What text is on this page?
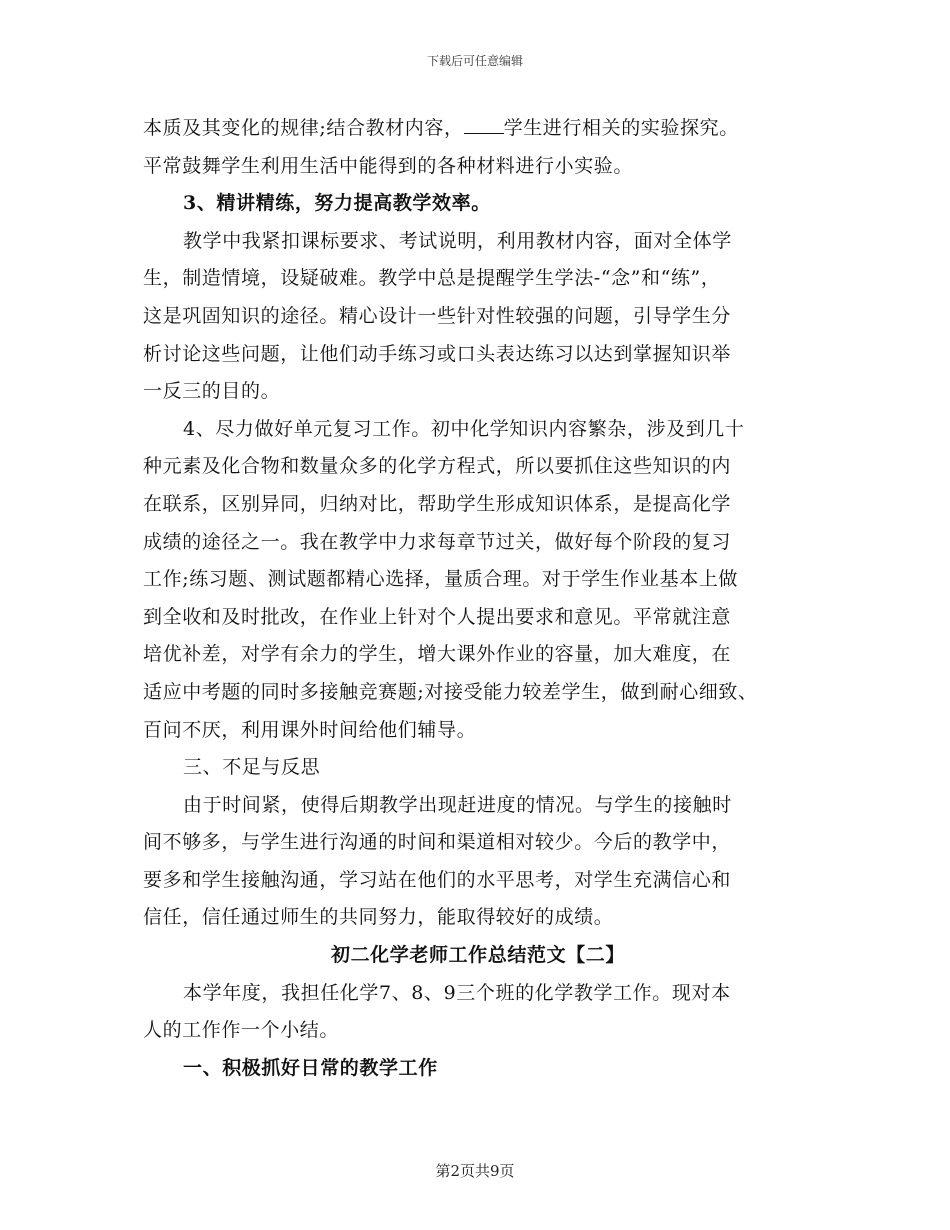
下载后可任意编辑
本质及其变化的规律;结合教材内容， 学生进行相关的实验探究。
平常鼓舞学生利用生活中能得到的各种材料进行小实验。
3、精讲精练，努力提高教学效率。
教学中我紧扣课标要求、考试说明，利用教材内容，面对全体学
生，制造情境，设疑破难。教学中总是提醒学生学法-“念”和“练”，
这是巩固知识的途径。精心设计一些针对性较强的问题，引导学生分
析讨论这些问题，让他们动手练习或口头表达练习以达到掌握知识举
一反三的目的。
4、尽力做好单元复习工作。初中化学知识内容繁杂，涉及到几十
种元素及化合物和数量众多的化学方程式，所以要抓住这些知识的内
在联系，区别异同，归纳对比，帮助学生形成知识体系，是提高化学
成绩的途径之一。我在教学中力求每章节过关，做好每个阶段的复习
工作;练习题、测试题都精心选择，量质合理。对于学生作业基本上做
到全收和及时批改，在作业上针对个人提出要求和意见。平常就注意
培优补差，对学有余力的学生，增大课外作业的容量，加大难度，在
适应中考题的同时多接触竞赛题;对接受能力较差学生，做到耐心细致、
百问不厌，利用课外时间给他们辅导。
三、不足与反思
由于时间紧，使得后期教学出现赶进度的情况。与学生的接触时
间不够多，与学生进行沟通的时间和渠道相对较少。今后的教学中，
要多和学生接触沟通，学习站在他们的水平思考，对学生充满信心和
信任，信任通过师生的共同努力，能取得较好的成绩。
初二化学老师工作总结范文【二】
本学年度，我担任化学7、8、9三个班的化学教学工作。现对本
人的工作作一个小结。
一、积极抓好日常的教学工作
第2页共9页
